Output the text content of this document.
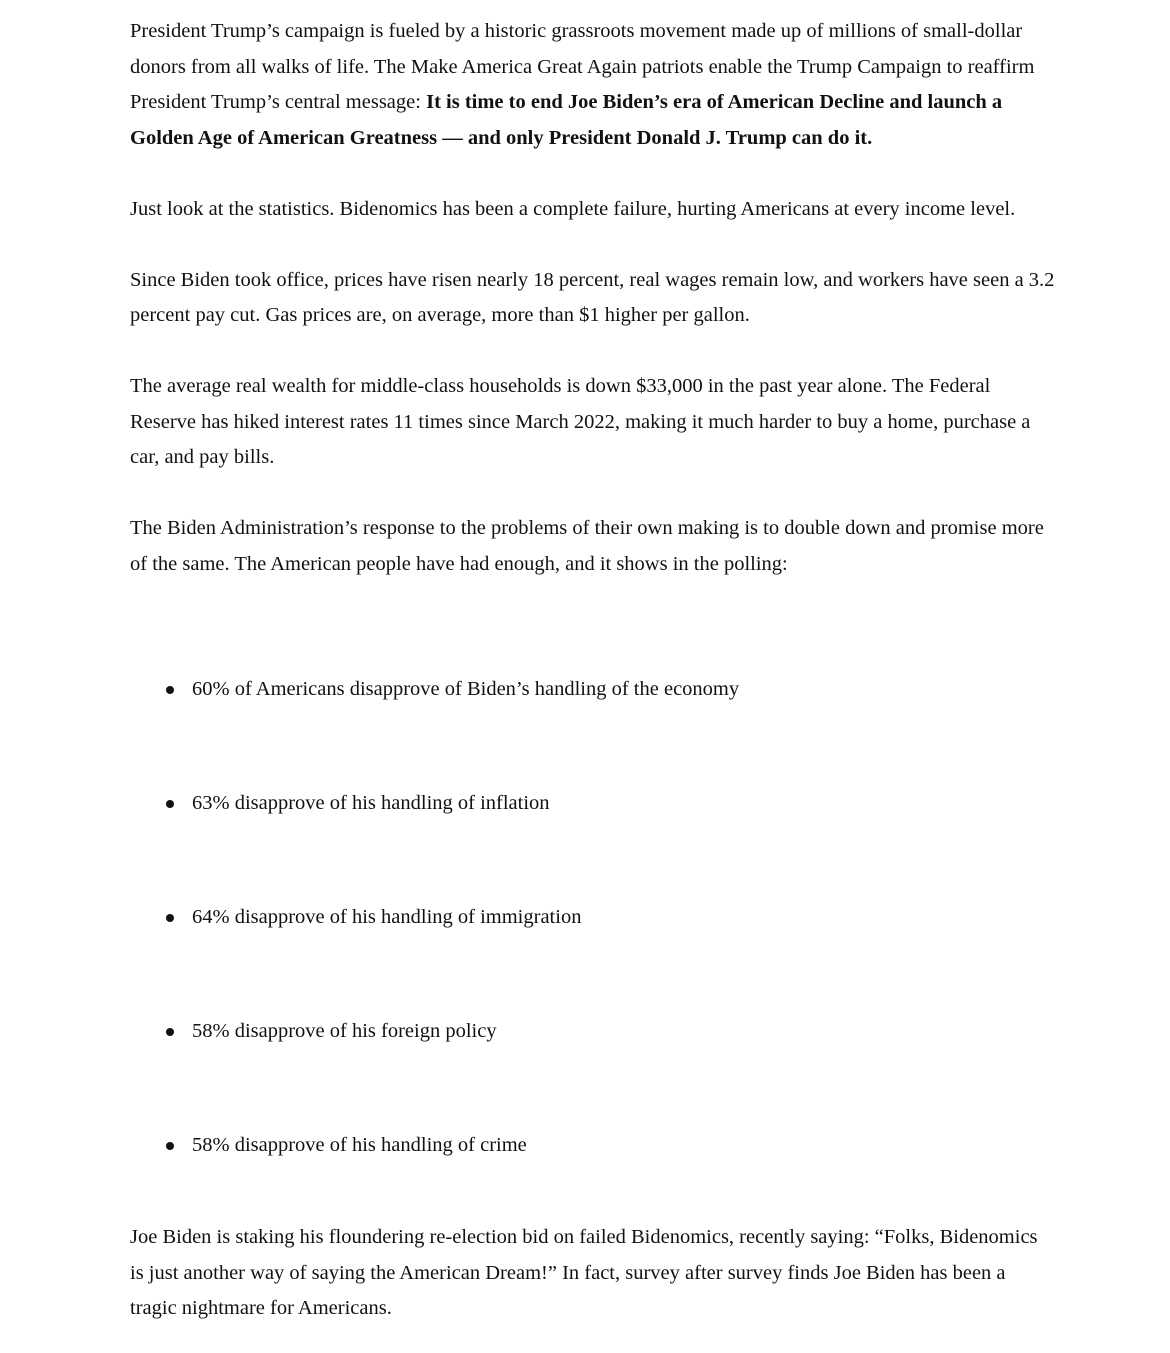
President Trump’s campaign is fueled by a historic grassroots movement made up of millions of small-dollar donors from all walks of life. The Make America Great Again patriots enable the Trump Campaign to reaffirm President Trump’s central message: It is time to end Joe Biden’s era of American Decline and launch a Golden Age of American Greatness — and only President Donald J. Trump can do it.

Just look at the statistics. Bidenomics has been a complete failure, hurting Americans at every income level.

Since Biden took office, prices have risen nearly 18 percent, real wages remain low, and workers have seen a 3.2 percent pay cut. Gas prices are, on average, more than $1 higher per gallon.

The average real wealth for middle-class households is down $33,000 in the past year alone. The Federal Reserve has hiked interest rates 11 times since March 2022, making it much harder to buy a home, purchase a car, and pay bills.

The Biden Administration’s response to the problems of their own making is to double down and promise more of the same. The American people have had enough, and it shows in the polling:

60% of Americans disapprove of Biden’s handling of the economy
63% disapprove of his handling of inflation
64% disapprove of his handling of immigration
58% disapprove of his foreign policy
58% disapprove of his handling of crime

Joe Biden is staking his floundering re-election bid on failed Bidenomics, recently saying: “Folks, Bidenomics is just another way of saying the American Dream!” In fact, survey after survey finds Joe Biden has been a tragic nightmare for Americans.
